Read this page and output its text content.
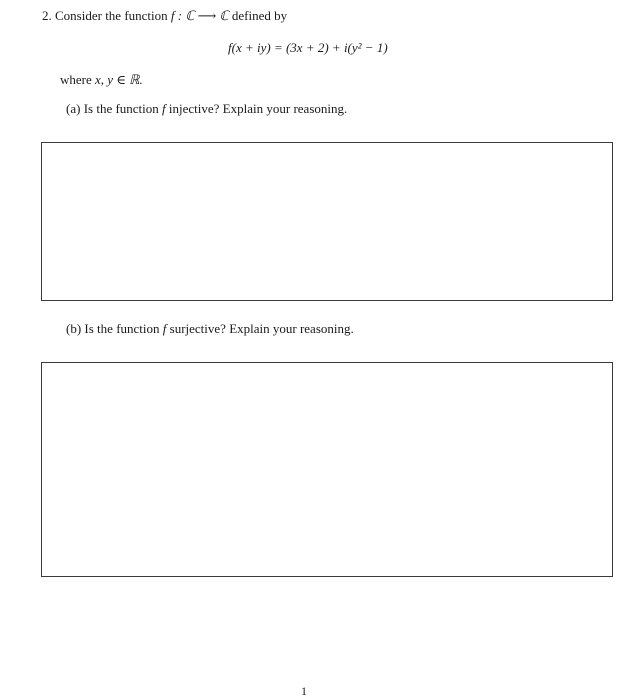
2. Consider the function f : ℂ ⟶ ℂ defined by
f(x + iy) = (3x + 2) + i(y² − 1)
where x, y ∈ ℝ.
(a) Is the function f injective? Explain your reasoning.
(b) Is the function f surjective? Explain your reasoning.
1
